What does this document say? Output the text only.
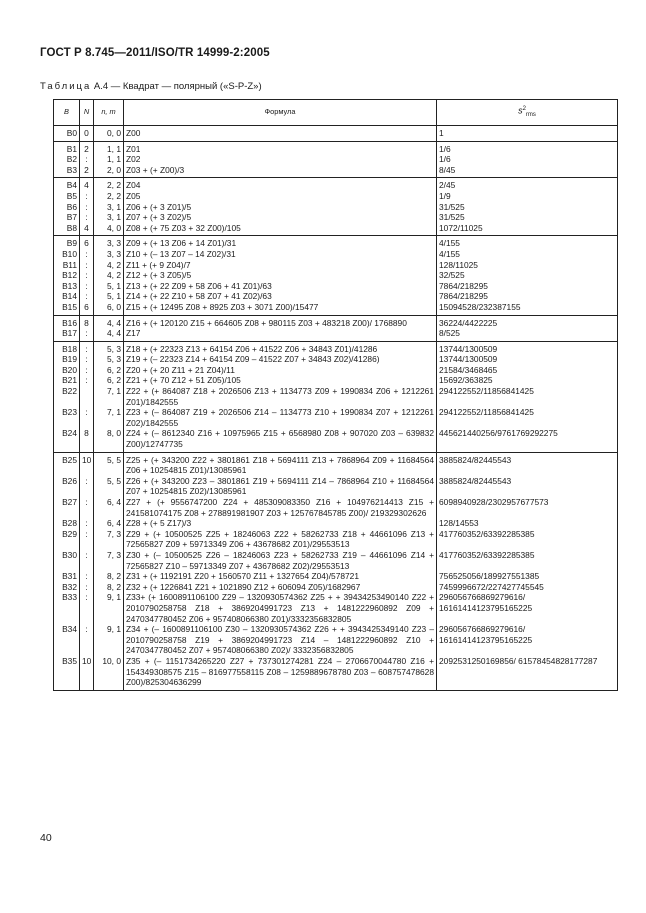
ГОСТ Р 8.745—2011/ISO/TR 14999-2:2005
Таблица А.4 — Квадрат — полярный («S-P-Z»)
B	N	n, m	Формула	$s^2_{rms}$
B0	0	0, 0	Z00	1
B1	2	1, 1	Z01	1/6
B2	:	1, 1	Z02	1/6
B3	2	2, 0	Z03 + (+ Z00)/3	8/45
B4	4	2, 2	Z04	2/45
B5	:	2, 2	Z05	1/9
B6	:	3, 1	Z06 + (+ 3 Z01)/5	31/525
B7	:	3, 1	Z07 + (+ 3 Z02)/5	31/525
B8	4	4, 0	Z08 + (+ 75 Z03 + 32 Z00)/105	1072/11025
B9	6	3, 3	Z09 + (+ 13 Z06 + 14 Z01)/31	4/155
B10	:	3, 3	Z10 + (– 13 Z07 – 14 Z02)/31	4/155
B11	:	4, 2	Z11 + (+ 9 Z04)/7	128/11025
B12	:	4, 2	Z12 + (+ 3 Z05)/5	32/525
B13	:	5, 1	Z13 + (+ 22 Z09 + 58 Z06 + 41 Z01)/63	7864/218295
B14	:	5, 1	Z14 + (+ 22 Z10 + 58 Z07 + 41 Z02)/63	7864/218295
B15	6	6, 0	Z15 + (+ 12495 Z08 + 8925 Z03 + 3071 Z00)/15477	15094528/232387155
B16	8	4, 4	Z16 + (+ 120120 Z15 + 664605 Z08 + 980115 Z03 + 483218 Z00)/ 1768890	36224/4422225
B17	:	4, 4	Z17	8/525
B18	:	5, 3	Z18 + (+ 22323 Z13 + 64154 Z06 + 41522 Z06 + 34843 Z01)/41286	13744/1300509
B19	:	5, 3	Z19 + (– 22323 Z14 + 64154 Z09 – 41522 Z07 + 34843 Z02)/41286)	13744/1300509
B20	:	6, 2	Z20 + (+ 20 Z11 + 21 Z04)/11	21584/3468465
B21	:	6, 2	Z21 + (+ 70 Z12 + 51 Z05)/105	15692/363825
B22		7, 1	Z22 + (+ 864087 Z18 + 2026506 Z13 + 1134773 Z09 + 1990834 Z06 + 1212261 Z01)/1842555	294122552/11856841425
B23	:	7, 1	Z23 + (– 864087 Z19 + 2026506 Z14 – 1134773 Z10 + 1990834 Z07 + 1212261 Z02)/1842555	294122552/11856841425
B24	8	8, 0	Z24 + (– 8612340 Z16 + 10975965 Z15 + 6568980 Z08 + 907020 Z03 – 639832 Z00)/12747735	445621440256/9761769292275
B25	10	5, 5	Z25 + (+ 343200 Z22 + 3801861 Z18 + 5694111 Z13 + 7868964 Z09 + 11684564 Z06 + 10254815 Z01)/13085961	3885824/82445543
B26	:	5, 5	Z26 + (+ 343200 Z23 – 3801861 Z19 + 5694111 Z14 – 7868964 Z10 + 11684564 Z07 + 10254815 Z02)/13085961	3885824/82445543
B27	:	6, 4	Z27 + (+ 9556747200 Z24 + 485309083350 Z16 + 104976214413 Z15 + 241581074175 Z08 + 278891981907 Z03 + 125767845785 Z00)/ 219329302626	6098940928/2302957677573
B28	:	6, 4	Z28 + (+ 5 Z17)/3	128/14553
B29	:	7, 3	Z29 + (+ 10500525 Z25 + 18246063 Z22 + 58262733 Z18 + 44661096 Z13 + 72565827 Z09 + 59713349 Z06 + 43678682 Z01)/29553513	417760352/63392285385
B30	:	7, 3	Z30 + (– 10500525 Z26 – 18246063 Z23 + 58262733 Z19 – 44661096 Z14 + 72565827 Z10 – 59713349 Z07 + 43678682 Z02)/29553513	417760352/63392285385
B31	:	8, 2	Z31 + (+ 1192191 Z20 + 1560570 Z11 + 1327654 Z04)/578721	756525056/189927551385
B32	:	8, 2	Z32 + (+ 1226841 Z21 + 1021890 Z12 + 606094 Z05)/1682967	7459996672/227427745545
B33	:	9, 1	Z33+ (+ 1600891106100 Z29 – 1320930574362 Z25 + + 39434253490140 Z22 + 2010790258758 Z18 + 3869204991723 Z13 + 1481222960892 Z09 + 2470347780452 Z06 + 957408066380 Z01)/3332356832805	296056766869279616/ 16161414123795165225
B34	:	9, 1	Z34 + (– 1600891106100 Z30 – 1320930574362 Z26 + + 3943425349140 Z23 – 2010790258758 Z19 + 3869204991723 Z14 – 1481222960892 Z10 + 2470347780452 Z07 + 957408066380 Z02)/ 3332356832805	296056766869279616/ 16161414123795165225
B35	10	10, 0	Z35 + (– 1151734265220 Z27 + 737301274281 Z24 – 2706670044780 Z16 + 154349308575 Z15 – 816977558115 Z08 – 1259889678780 Z03 – 608757478628 Z00)/825304636299	2092531250169856/ 61578454828177287
40
